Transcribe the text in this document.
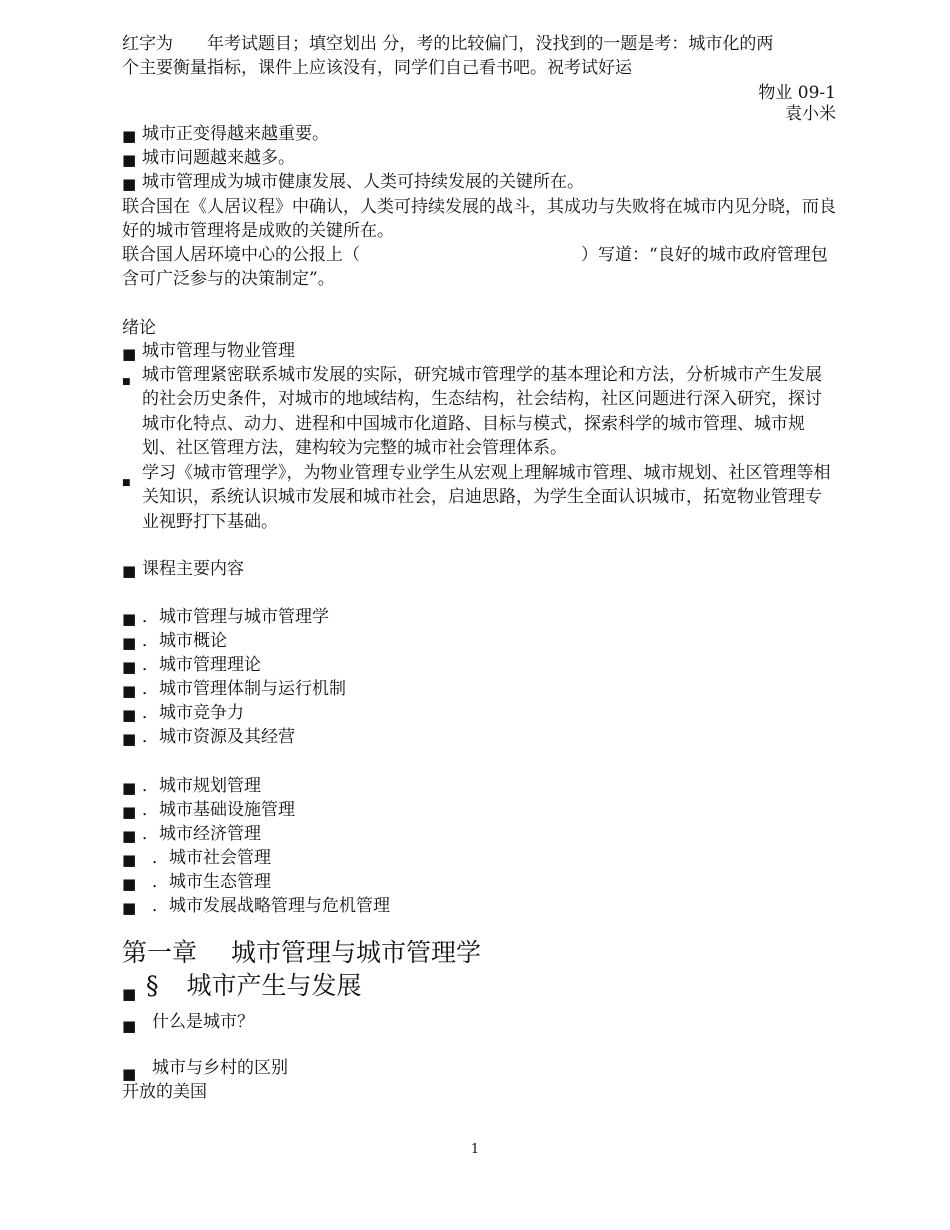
红字为　　年考试题目；填空划出 分，考的比较偏门，没找到的一题是考：城市化的两
个主要衡量指标，课件上应该没有，同学们自己看书吧。祝考试好运
物业 09-1
袁小米
■ 城市正变得越来越重要。
■ 城市问题越来越多。
■ 城市管理成为城市健康发展、人类可持续发展的关键所在。
联合国在《人居议程》中确认，人类可持续发展的战斗，其成功与失败将在城市内见分晓，而良好的城市管理将是成败的关键所在。
联合国人居环境中心的公报上（　　　　　　　　　　　　　）写道：“良好的城市政府管理包
含可广泛参与的决策制定”。
绪论
■ 城市管理与物业管理
■ 城市管理紧密联系城市发展的实际，研究城市管理学的基本理论和方法，分析城市产生发展的社会历史条件，对城市的地域结构，生态结构，社会结构，社区问题进行深入研究，探讨城市化特点、动力、进程和中国城市化道路、目标与模式，探索科学的城市管理、城市规划、社区管理方法，建构较为完整的城市社会管理体系。
■ 学习《城市管理学》，为物业管理专业学生从宏观上理解城市管理、城市规划、社区管理等相关知识，系统认识城市发展和城市社会，启迪思路，为学生全面认识城市，拓宽物业管理专业视野打下基础。
■ 课程主要内容
■ ．城市管理与城市管理学
■ ．城市概论
■ ．城市管理理论
■ ．城市管理体制与运行机制
■ ．城市竞争力
■ ．城市资源及其经营
■ ．城市规划管理
■ ．城市基础设施管理
■ ．城市经济管理
■ ．城市社会管理
■ ．城市生态管理
■ ．城市发展战略管理与危机管理
第一章 城市管理与城市管理学
■ § 城市产生与发展
■ 什么是城市？
■ 城市与乡村的区别
开放的美国
1
